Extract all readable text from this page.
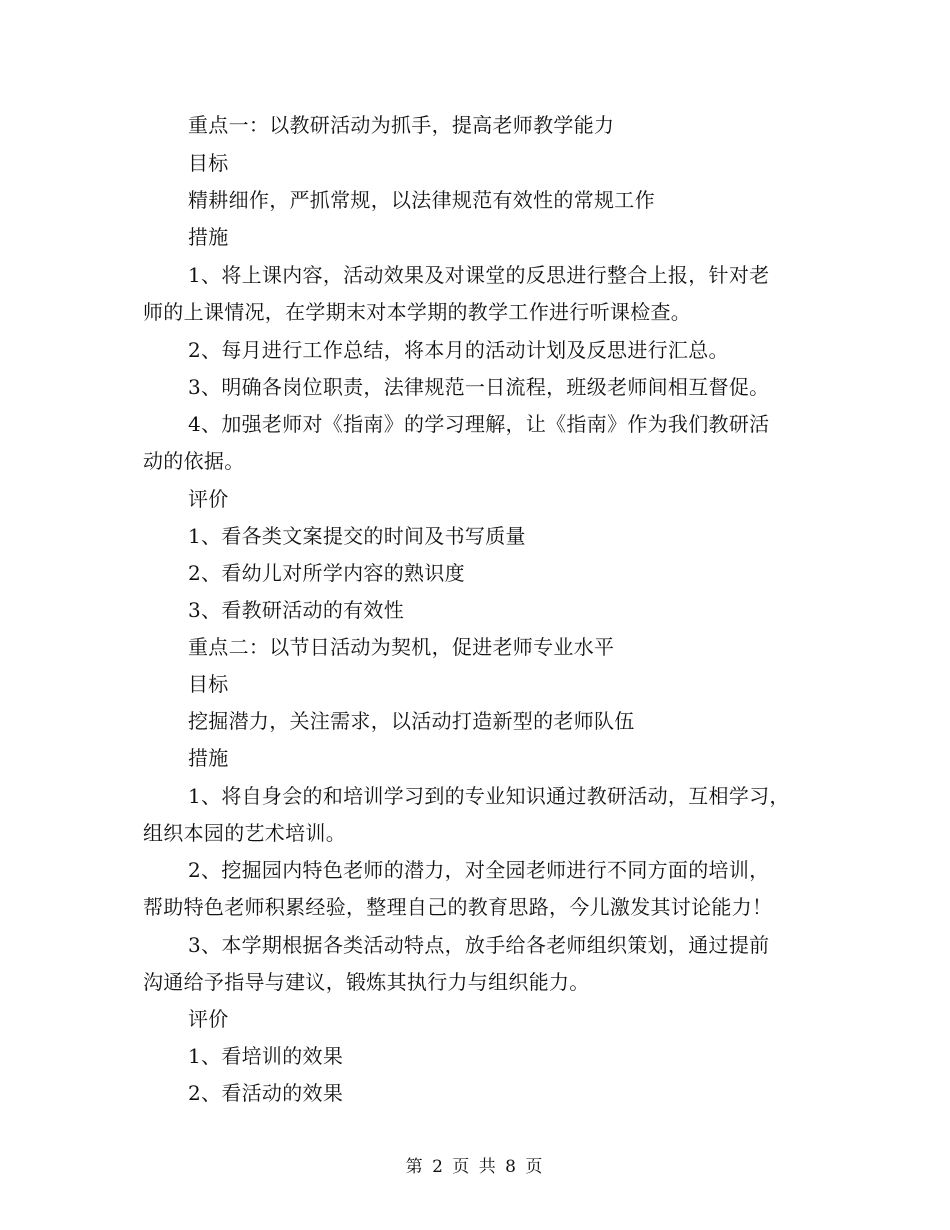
重点一：以教研活动为抓手，提高老师教学能力
目标
精耕细作，严抓常规，以法律规范有效性的常规工作
措施
1、将上课内容，活动效果及对课堂的反思进行整合上报，针对老
师的上课情况，在学期末对本学期的教学工作进行听课检查。
2、每月进行工作总结，将本月的活动计划及反思进行汇总。
3、明确各岗位职责，法律规范一日流程，班级老师间相互督促。
4、加强老师对《指南》的学习理解，让《指南》作为我们教研活
动的依据。
评价
1、看各类文案提交的时间及书写质量
2、看幼儿对所学内容的熟识度
3、看教研活动的有效性
重点二：以节日活动为契机，促进老师专业水平
目标
挖掘潜力，关注需求，以活动打造新型的老师队伍
措施
1、将自身会的和培训学习到的专业知识通过教研活动，互相学习，
组织本园的艺术培训。
2、挖掘园内特色老师的潜力，对全园老师进行不同方面的培训，
帮助特色老师积累经验，整理自己的教育思路，今儿激发其讨论能力！
3、本学期根据各类活动特点，放手给各老师组织策划，通过提前
沟通给予指导与建议，锻炼其执行力与组织能力。
评价
1、看培训的效果
2、看活动的效果
第 2 页 共 8 页
